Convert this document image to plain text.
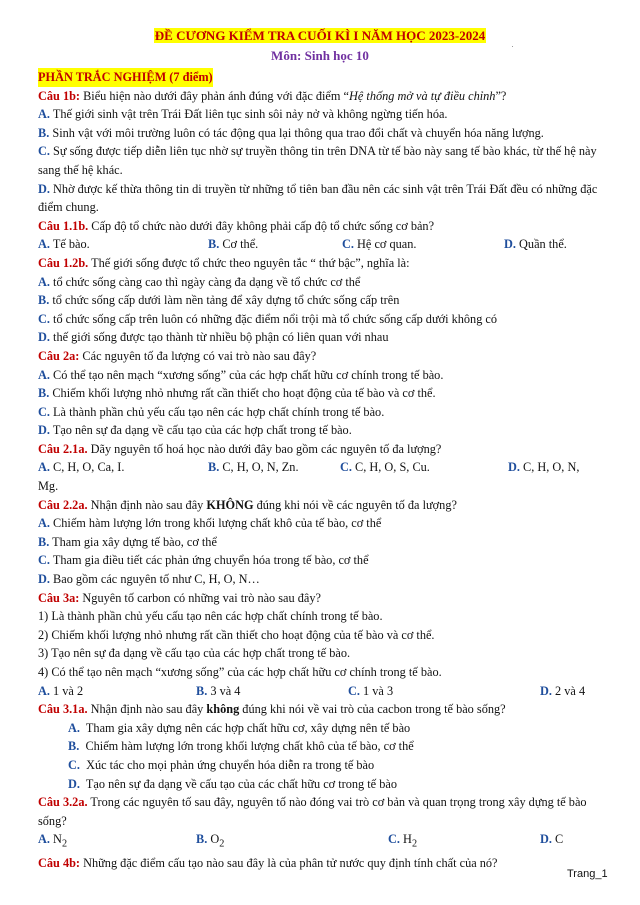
ĐỀ CƯƠNG KIỂM TRA CUỐI KÌ I NĂM HỌC 2023-2024
Môn: Sinh học 10
PHẦN TRẮC NGHIỆM (7 điểm)
Câu 1b: Biểu hiện nào dưới đây phản ánh đúng với đặc điểm “Hệ thống mở và tự điều chỉnh”?
A. Thế giới sinh vật trên Trái Đất liên tục sinh sôi nảy nở và không ngừng tiến hóa.
B. Sinh vật với môi trường luôn có tác động qua lại thông qua trao đổi chất và chuyển hóa năng lượng.
C. Sự sống được tiếp diễn liên tục nhờ sự truyền thông tin trên DNA từ tế bào này sang tế bào khác, từ thế hệ này sang thế hệ khác.
D. Nhờ được kế thừa thông tin di truyền từ những tổ tiên ban đầu nên các sinh vật trên Trái Đất đều có những đặc điểm chung.
Câu 1.1b. Cấp độ tổ chức nào dưới đây không phải cấp độ tổ chức sống cơ bản?
A. Tế bào.	B. Cơ thể.	C. Hệ cơ quan.	D. Quần thể.
Câu 1.2b. Thế giới sống được tổ chức theo nguyên tắc “ thứ bậc”, nghĩa là:
A. tổ chức sống càng cao thì ngày càng đa dạng về tổ chức cơ thể
B. tổ chức sống cấp dưới làm nền tảng để xây dựng tổ chức sống cấp trên
C. tổ chức sống cấp trên luôn có những đặc điểm nổi trội mà tổ chức sống cấp dưới không có
D. thế giới sống được tạo thành từ nhiều bộ phận có liên quan với nhau
Câu 2a: Các nguyên tố đa lượng có vai trò nào sau đây?
A. Có thể tạo nên mạch “xương sống” của các hợp chất hữu cơ chính trong tế bào.
B. Chiếm khối lượng nhỏ nhưng rất cần thiết cho hoạt động của tế bào và cơ thể.
C. Là thành phần chủ yếu cấu tạo nên các hợp chất chính trong tế bào.
D. Tạo nên sự đa dạng về cấu tạo của các hợp chất trong tế bào.
Câu 2.1a. Dãy nguyên tố hoá học nào dưới đây bao gồm các nguyên tố đa lượng?
A. C, H, O, Ca, I.	B. C, H, O, N, Zn.	C. C, H, O, S, Cu.	D. C, H, O, N,
Mg.
Câu 2.2a. Nhận định nào sau đây KHÔNG đúng khi nói về các nguyên tố đa lượng?
A. Chiếm hàm lượng lớn trong khối lượng chất khô của tế bào, cơ thể
B. Tham gia xây dựng tế bào, cơ thể
C. Tham gia điều tiết các phản ứng chuyển hóa trong tế bào, cơ thể
D. Bao gồm các nguyên tố như C, H, O, N…
Câu 3a: Nguyên tố carbon có những vai trò nào sau đây?
1) Là thành phần chủ yếu cấu tạo nên các hợp chất chính trong tế bào.
2) Chiếm khối lượng nhỏ nhưng rất cần thiết cho hoạt động của tế bào và cơ thể.
3) Tạo nên sự đa dạng về cấu tạo của các hợp chất trong tế bào.
4) Có thể tạo nên mạch “xương sống” của các hợp chất hữu cơ chính trong tế bào.
A. 1 và 2	B. 3 và 4	C. 1 và 3	D. 2 và 4
Câu 3.1a. Nhận định nào sau đây không đúng khi nói về vai trò của cacbon trong tế bào sống?
A. Tham gia xây dựng nên các hợp chất hữu cơ, xây dựng nên tế bào
B. Chiếm hàm lượng lớn trong khối lượng chất khô của tế bào, cơ thể
C. Xúc tác cho mọi phản ứng chuyển hóa diễn ra trong tế bào
D. Tạo nên sự đa dạng về cấu tạo của các chất hữu cơ trong tế bào
Câu 3.2a. Trong các nguyên tố sau đây, nguyên tố nào đóng vai trò cơ bản và quan trọng trong xây dựng tế bào sống?
A. $N_2$	B. $O_2$	C. $H_2$	D. C
Câu 4b: Những đặc điểm cấu tạo nào sau đây là của phân tử nước quy định tính chất của nó?
Trang_1
